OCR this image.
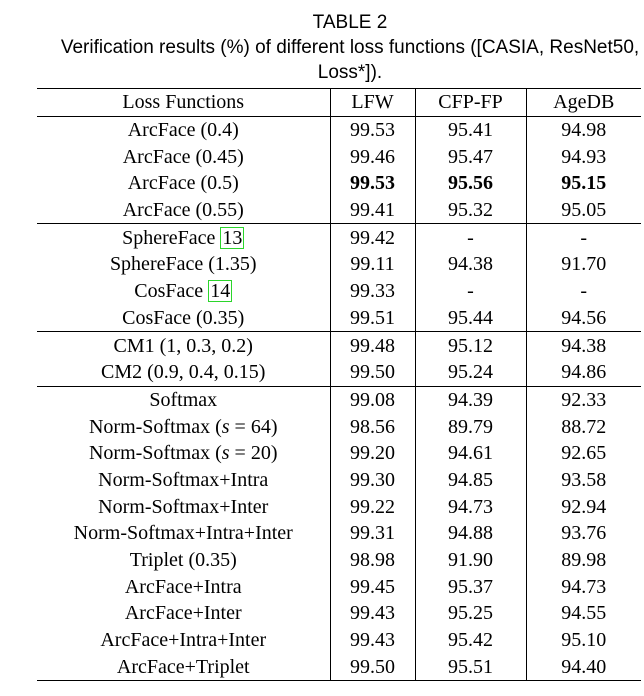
TABLE 2
Verification results (%) of different loss functions ([CASIA, ResNet50,
Loss*]).
Loss Functions	LFW	CFP-FP	AgeDB
ArcFace (0.4)	99.53	95.41	94.98
ArcFace (0.45)	99.46	95.47	94.93
ArcFace (0.5)	99.53	95.56	95.15
ArcFace (0.55)	99.41	95.32	95.05
SphereFace 13	99.42	-	-
SphereFace (1.35)	99.11	94.38	91.70
CosFace 14	99.33	-	-
CosFace (0.35)	99.51	95.44	94.56
CM1 (1, 0.3, 0.2)	99.48	95.12	94.38
CM2 (0.9, 0.4, 0.15)	99.50	95.24	94.86
Softmax	99.08	94.39	92.33
Norm-Softmax (s = 64)	98.56	89.79	88.72
Norm-Softmax (s = 20)	99.20	94.61	92.65
Norm-Softmax+Intra	99.30	94.85	93.58
Norm-Softmax+Inter	99.22	94.73	92.94
Norm-Softmax+Intra+Inter	99.31	94.88	93.76
Triplet (0.35)	98.98	91.90	89.98
ArcFace+Intra	99.45	95.37	94.73
ArcFace+Inter	99.43	95.25	94.55
ArcFace+Intra+Inter	99.43	95.42	95.10
ArcFace+Triplet	99.50	95.51	94.40
